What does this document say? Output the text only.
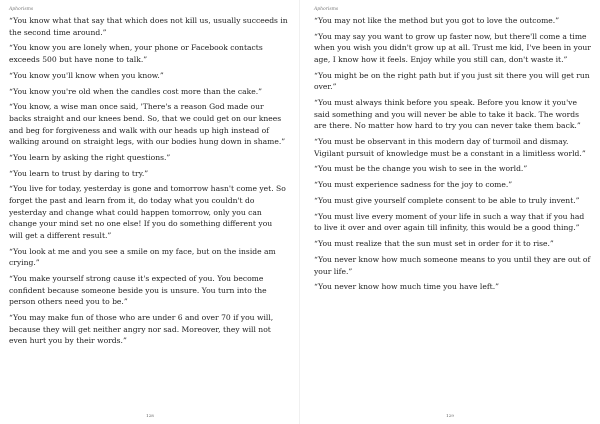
Aphorisms
“You know what that say that which does not kill us, usually succeeds in the second time around.”
“You know you are lonely when, your phone or Facebook contacts exceeds 500 but have none to talk.”
“You know you'll know when you know.”
“You know you're old when the candles cost more than the cake.”
“You know, a wise man once said, 'There's a reason God made our backs straight and our knees bend. So, that we could get on our knees and beg for forgiveness and walk with our heads up high instead of walking around on straight legs, with our bodies hung down in shame.”
“You learn by asking the right questions.”
“You learn to trust by daring to try.”
“You live for today, yesterday is gone and tomorrow hasn't come yet. So forget the past and learn from it, do today what you couldn't do yesterday and change what could happen tomorrow, only you can change your mind set no one else! If you do something different you will get a different result.”
“You look at me and you see a smile on my face, but on the inside am crying.”
“You make yourself strong cause it's expected of you. You become confident because someone beside you is unsure. You turn into the person others need you to be.”
“You may make fun of those who are under 6 and over 70 if you will, because they will get neither angry nor sad. Moreover, they will not even hurt you by their words.”
128
Aphorisms
“You may not like the method but you got to love the outcome.”
“You may say you want to grow up faster now, but there'll come a time when you wish you didn't grow up at all. Trust me kid, I've been in your age, I know how it feels. Enjoy while you still can, don't waste it.”
“You might be on the right path but if you just sit there you will get run over.”
“You must always think before you speak. Before you know it you've said something and you will never be able to take it back. The words are there. No matter how hard to try you can never take them back.”
“You must be observant in this modern day of turmoil and dismay. Vigilant pursuit of knowledge must be a constant in a limitless world.”
“You must be the change you wish to see in the world.”
“You must experience sadness for the joy to come.”
“You must give yourself complete consent to be able to truly invent.”
“You must live every moment of your life in such a way that if you had to live it over and over again till infinity, this would be a good thing.”
“You must realize that the sun must set in order for it to rise.”
“You never know how much someone means to you until they are out of your life.”
“You never know how much time you have left.”
129
